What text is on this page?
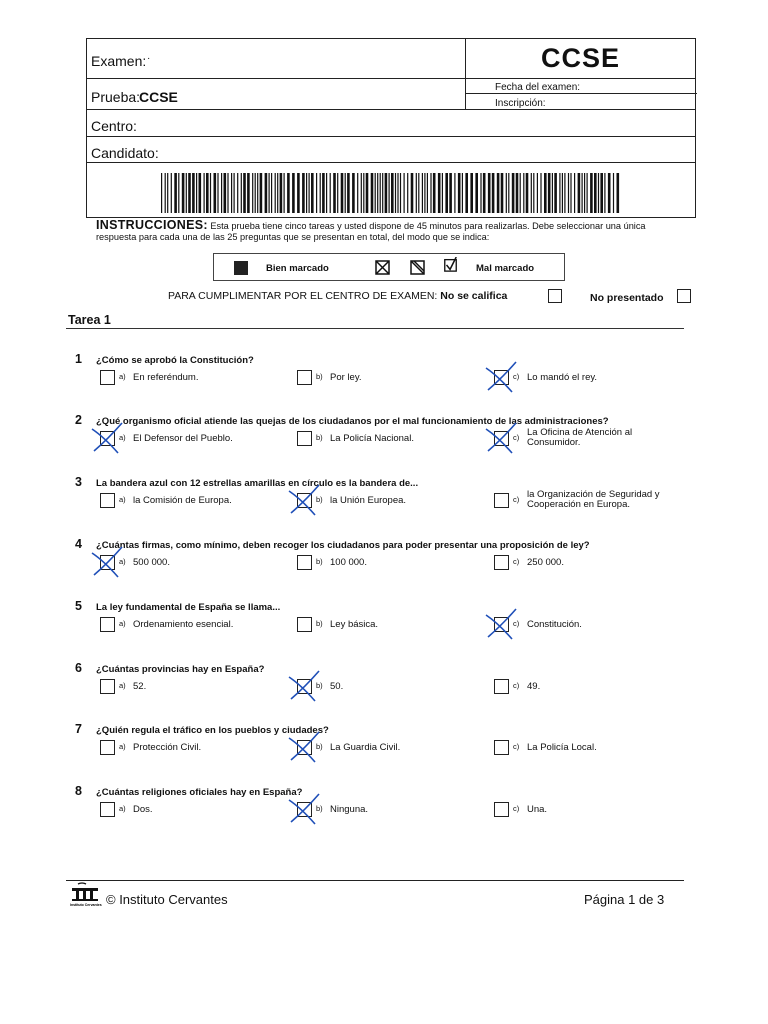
Examen: ·	CCSE
Fecha del examen:
Inscripción:
Prueba:
CCSE
Centro:
Candidato:
INSTRUCCIONES: Esta prueba tiene cinco tareas y usted dispone de 45 minutos para realizarlas. Debe seleccionar una única respuesta para cada una de las 25 preguntas que se presentan en total, del modo que se indica:
Bien marcado	Mal marcado
PARA CUMPLIMENTAR POR EL CENTRO DE EXAMEN: No se califica	No presentado
Tarea 1
1 ¿Cómo se aprobó la Constitución?
a) En referéndum.	b) Por ley.	c) Lo mandó el rey.
2 ¿Qué organismo oficial atiende las quejas de los ciudadanos por el mal funcionamiento de las administraciones?
a) El Defensor del Pueblo.	b) La Policía Nacional.	c) La Oficina de Atención al Consumidor.
3 La bandera azul con 12 estrellas amarillas en círculo es la bandera de...
a) la Comisión de Europa.	b) la Unión Europea.	c) la Organización de Seguridad y Cooperación en Europa.
4 ¿Cuántas firmas, como mínimo, deben recoger los ciudadanos para poder presentar una proposición de ley?
a) 500 000.	b) 100 000.	c) 250 000.
5 La ley fundamental de España se llama...
a) Ordenamiento esencial.	b) Ley básica.	c) Constitución.
6 ¿Cuántas provincias hay en España?
a) 52.	b) 50.	c) 49.
7 ¿Quién regula el tráfico en los pueblos y ciudades?
a) Protección Civil.	b) La Guardia Civil.	c) La Policía Local.
8 ¿Cuántas religiones oficiales hay en España?
a) Dos.	b) Ninguna.	c) Una.
Instituto Cervantes © Instituto Cervantes	Página 1 de 3
